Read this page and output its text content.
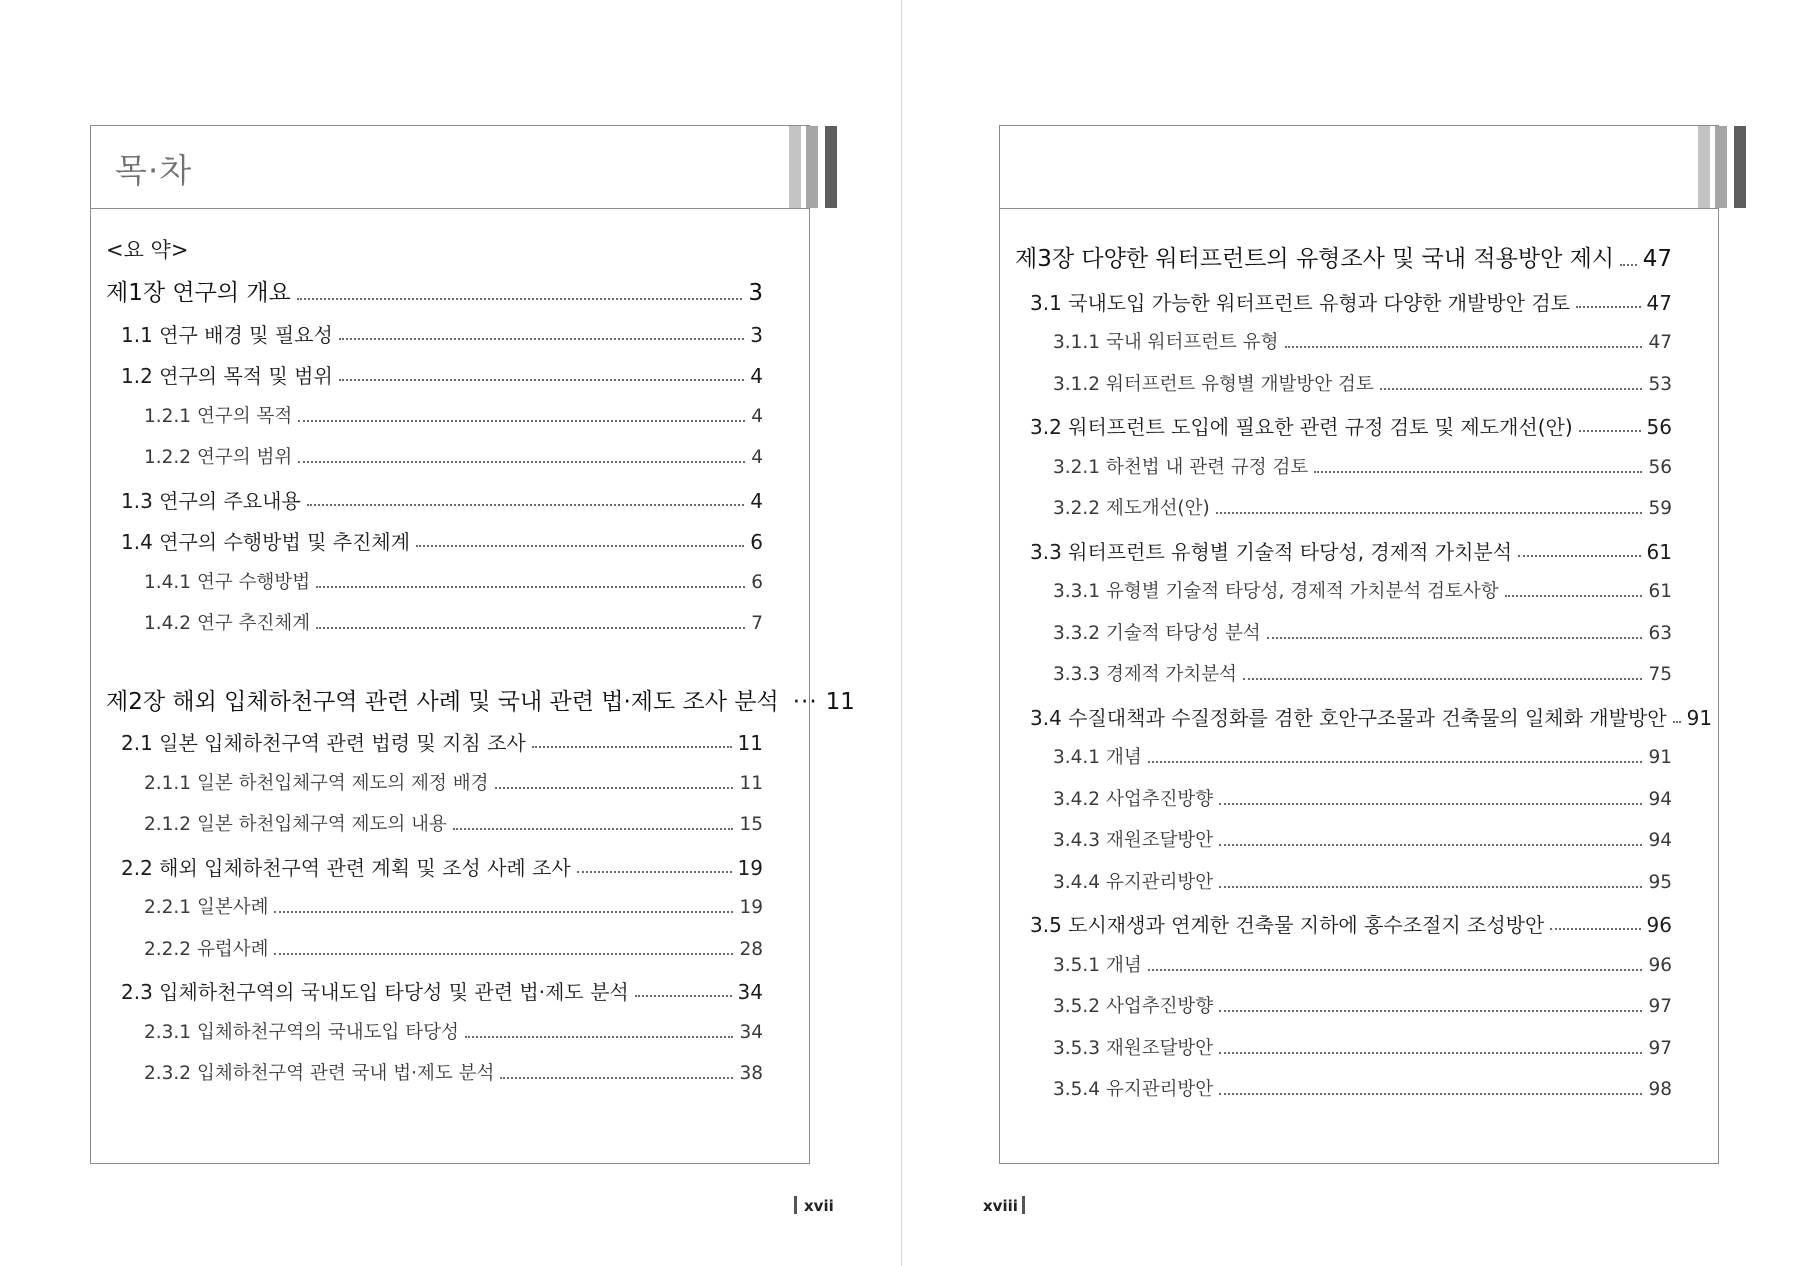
목·차
<요 약>
제1장 연구의 개요	3
1.1 연구 배경 및 필요성	3
1.2 연구의 목적 및 범위	4
1.2.1 연구의 목적	4
1.2.2 연구의 범위	4
1.3 연구의 주요내용	4
1.4 연구의 수행방법 및 추진체계	6
1.4.1 연구 수행방법	6
1.4.2 연구 추진체계	7
제2장 해외 입체하천구역 관련 사례 및 국내 관련 법·제도 조사 분석 ··· 11
2.1 일본 입체하천구역 관련 법령 및 지침 조사	11
2.1.1 일본 하천입체구역 제도의 제정 배경	11
2.1.2 일본 하천입체구역 제도의 내용	15
2.2 해외 입체하천구역 관련 계획 및 조성 사례 조사	19
2.2.1 일본사례	19
2.2.2 유럽사례	28
2.3 입체하천구역의 국내도입 타당성 및 관련 법·제도 분석	34
2.3.1 입체하천구역의 국내도입 타당성	34
2.3.2 입체하천구역 관련 국내 법·제도 분석	38
xvii
제3장 다양한 워터프런트의 유형조사 및 국내 적용방안 제시 47
3.1 국내도입 가능한 워터프런트 유형과 다양한 개발방안 검토	47
3.1.1 국내 워터프런트 유형	47
3.1.2 워터프런트 유형별 개발방안 검토	53
3.2 워터프런트 도입에 필요한 관련 규정 검토 및 제도개선(안)	56
3.2.1 하천법 내 관련 규정 검토	56
3.2.2 제도개선(안)	59
3.3 워터프런트 유형별 기술적 타당성, 경제적 가치분석	61
3.3.1 유형별 기술적 타당성, 경제적 가치분석 검토사항	61
3.3.2 기술적 타당성 분석	63
3.3.3 경제적 가치분석	75
3.4 수질대책과 수질정화를 겸한 호안구조물과 건축물의 일체화 개발방안 91
3.4.1 개념	91
3.4.2 사업추진방향	94
3.4.3 재원조달방안	94
3.4.4 유지관리방안	95
3.5 도시재생과 연계한 건축물 지하에 홍수조절지 조성방안	96
3.5.1 개념	96
3.5.2 사업추진방향	97
3.5.3 재원조달방안	97
3.5.4 유지관리방안	98
xviii
